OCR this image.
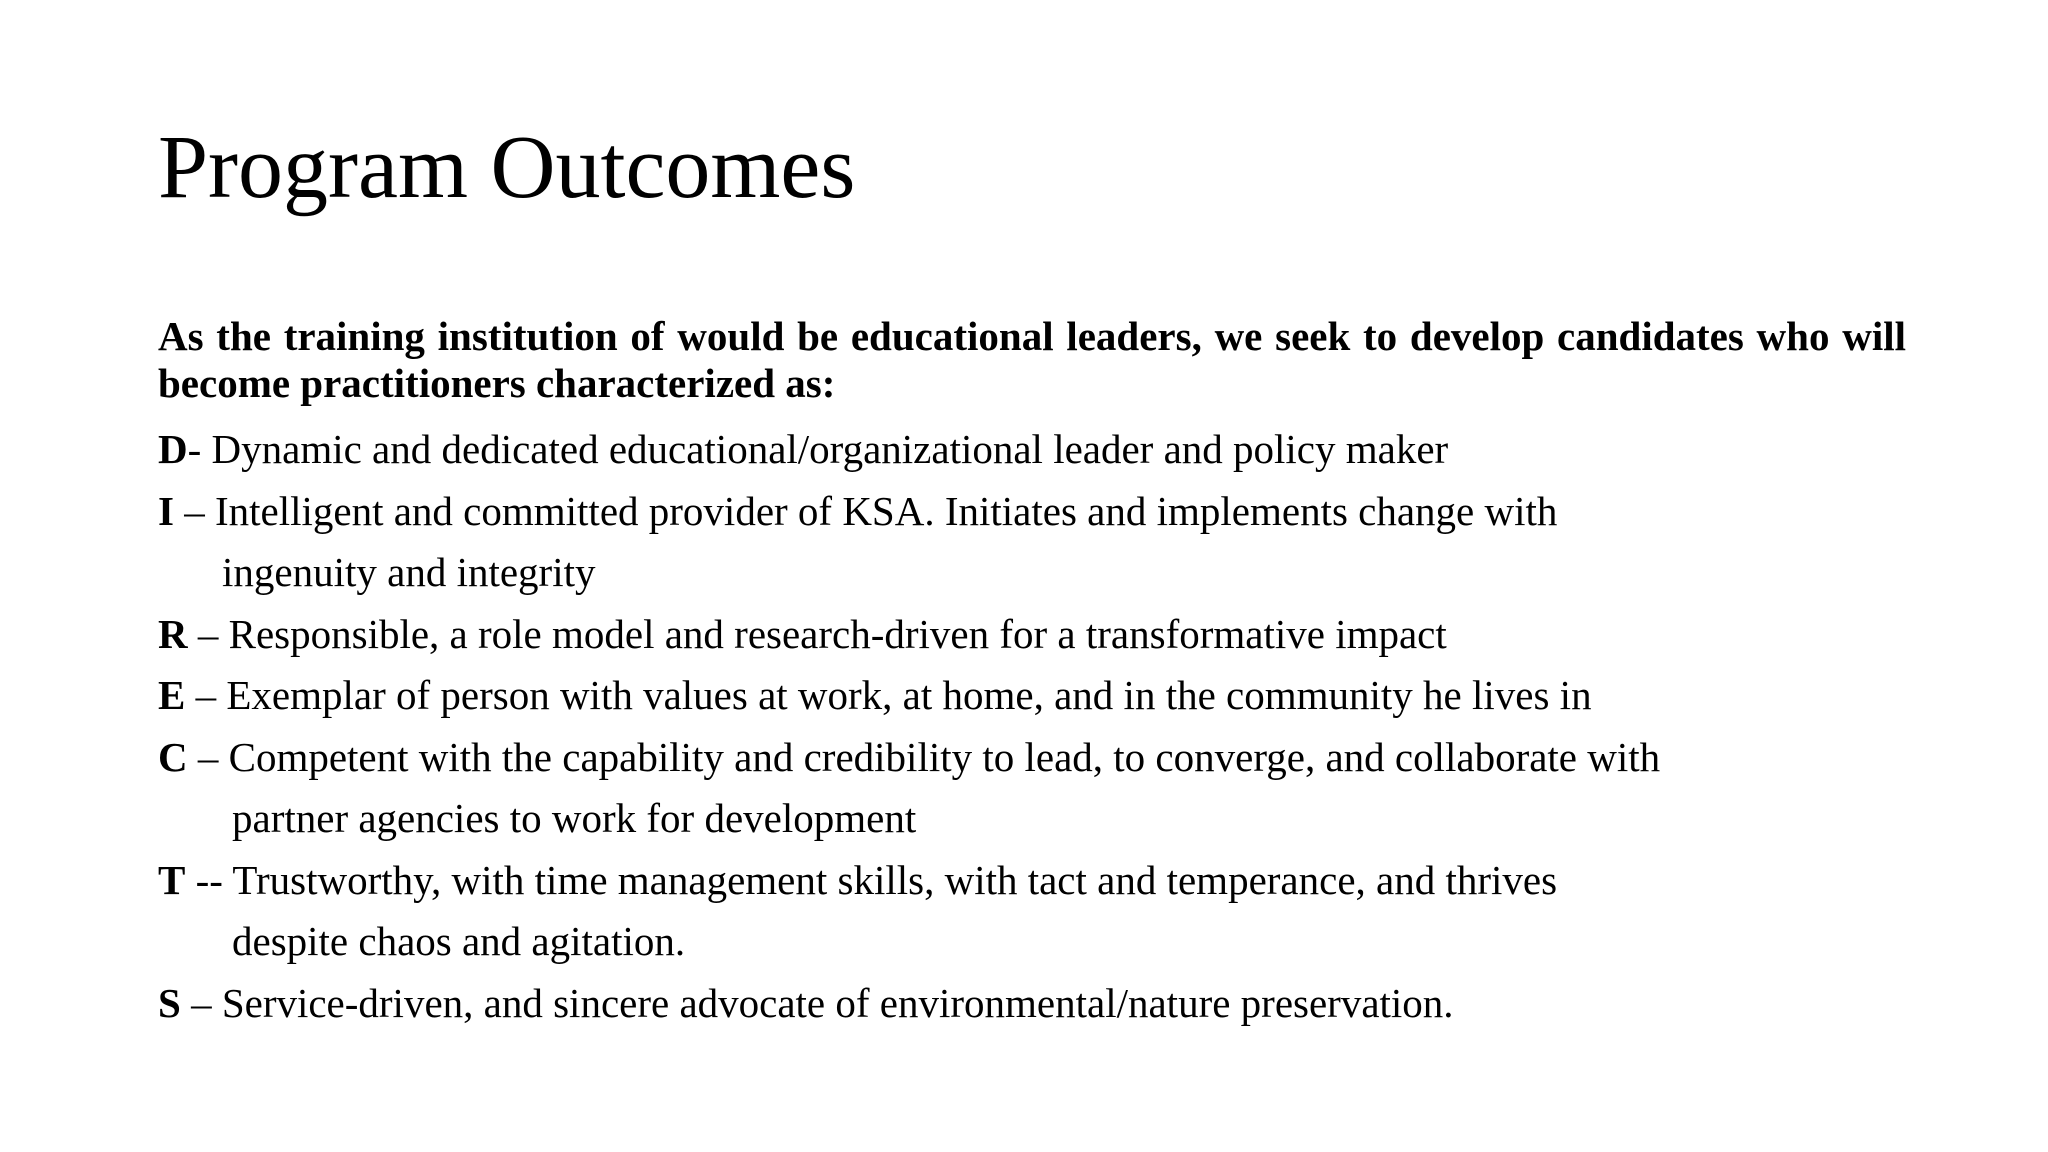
Program Outcomes

As the training institution of would be educational leaders, we seek to develop candidates who will become practitioners characterized as:

D- Dynamic and dedicated educational/organizational leader and policy maker

I – Intelligent and committed provider of KSA. Initiates and implements change with
ingenuity and integrity

R – Responsible, a role model and research-driven for a transformative impact

E – Exemplar of person with values at work, at home, and in the community he lives in

C – Competent with the capability and credibility to lead, to converge, and collaborate with
partner agencies to work for development

T -- Trustworthy, with time management skills, with tact and temperance, and thrives
despite chaos and agitation.

S – Service-driven, and sincere advocate of environmental/nature preservation.
